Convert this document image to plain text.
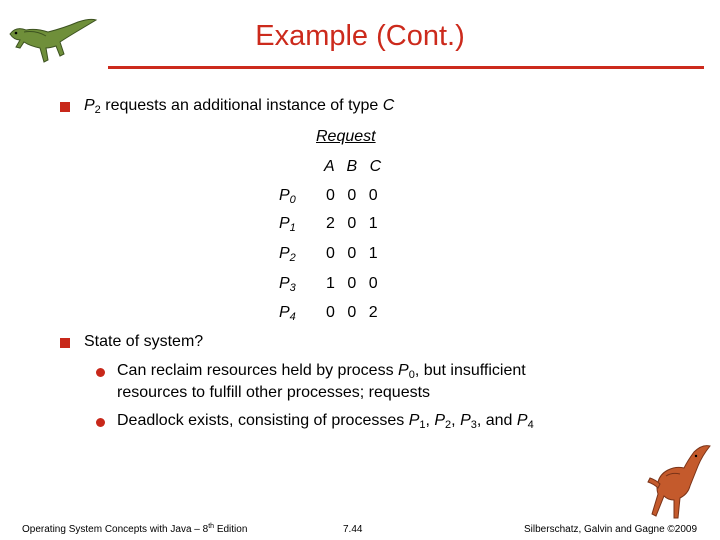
Example (Cont.)
$P_2$ requests an additional instance of type C
Request
A B C
$P_0$ 0 0 0
$P_1$ 2 0 1
$P_2$ 0 0 1
$P_3$ 1 0 0
$P_4$ 0 0 2
State of system?
Can reclaim resources held by process $P_0$, but insufficient
resources to fulfill other processes; requests
Deadlock exists, consisting of processes $P_1$, $P_2$, $P_3$, and $P_4$
Operating System Concepts with Java – 8th Edition	7.44	Silberschatz, Galvin and Gagne ©2009
